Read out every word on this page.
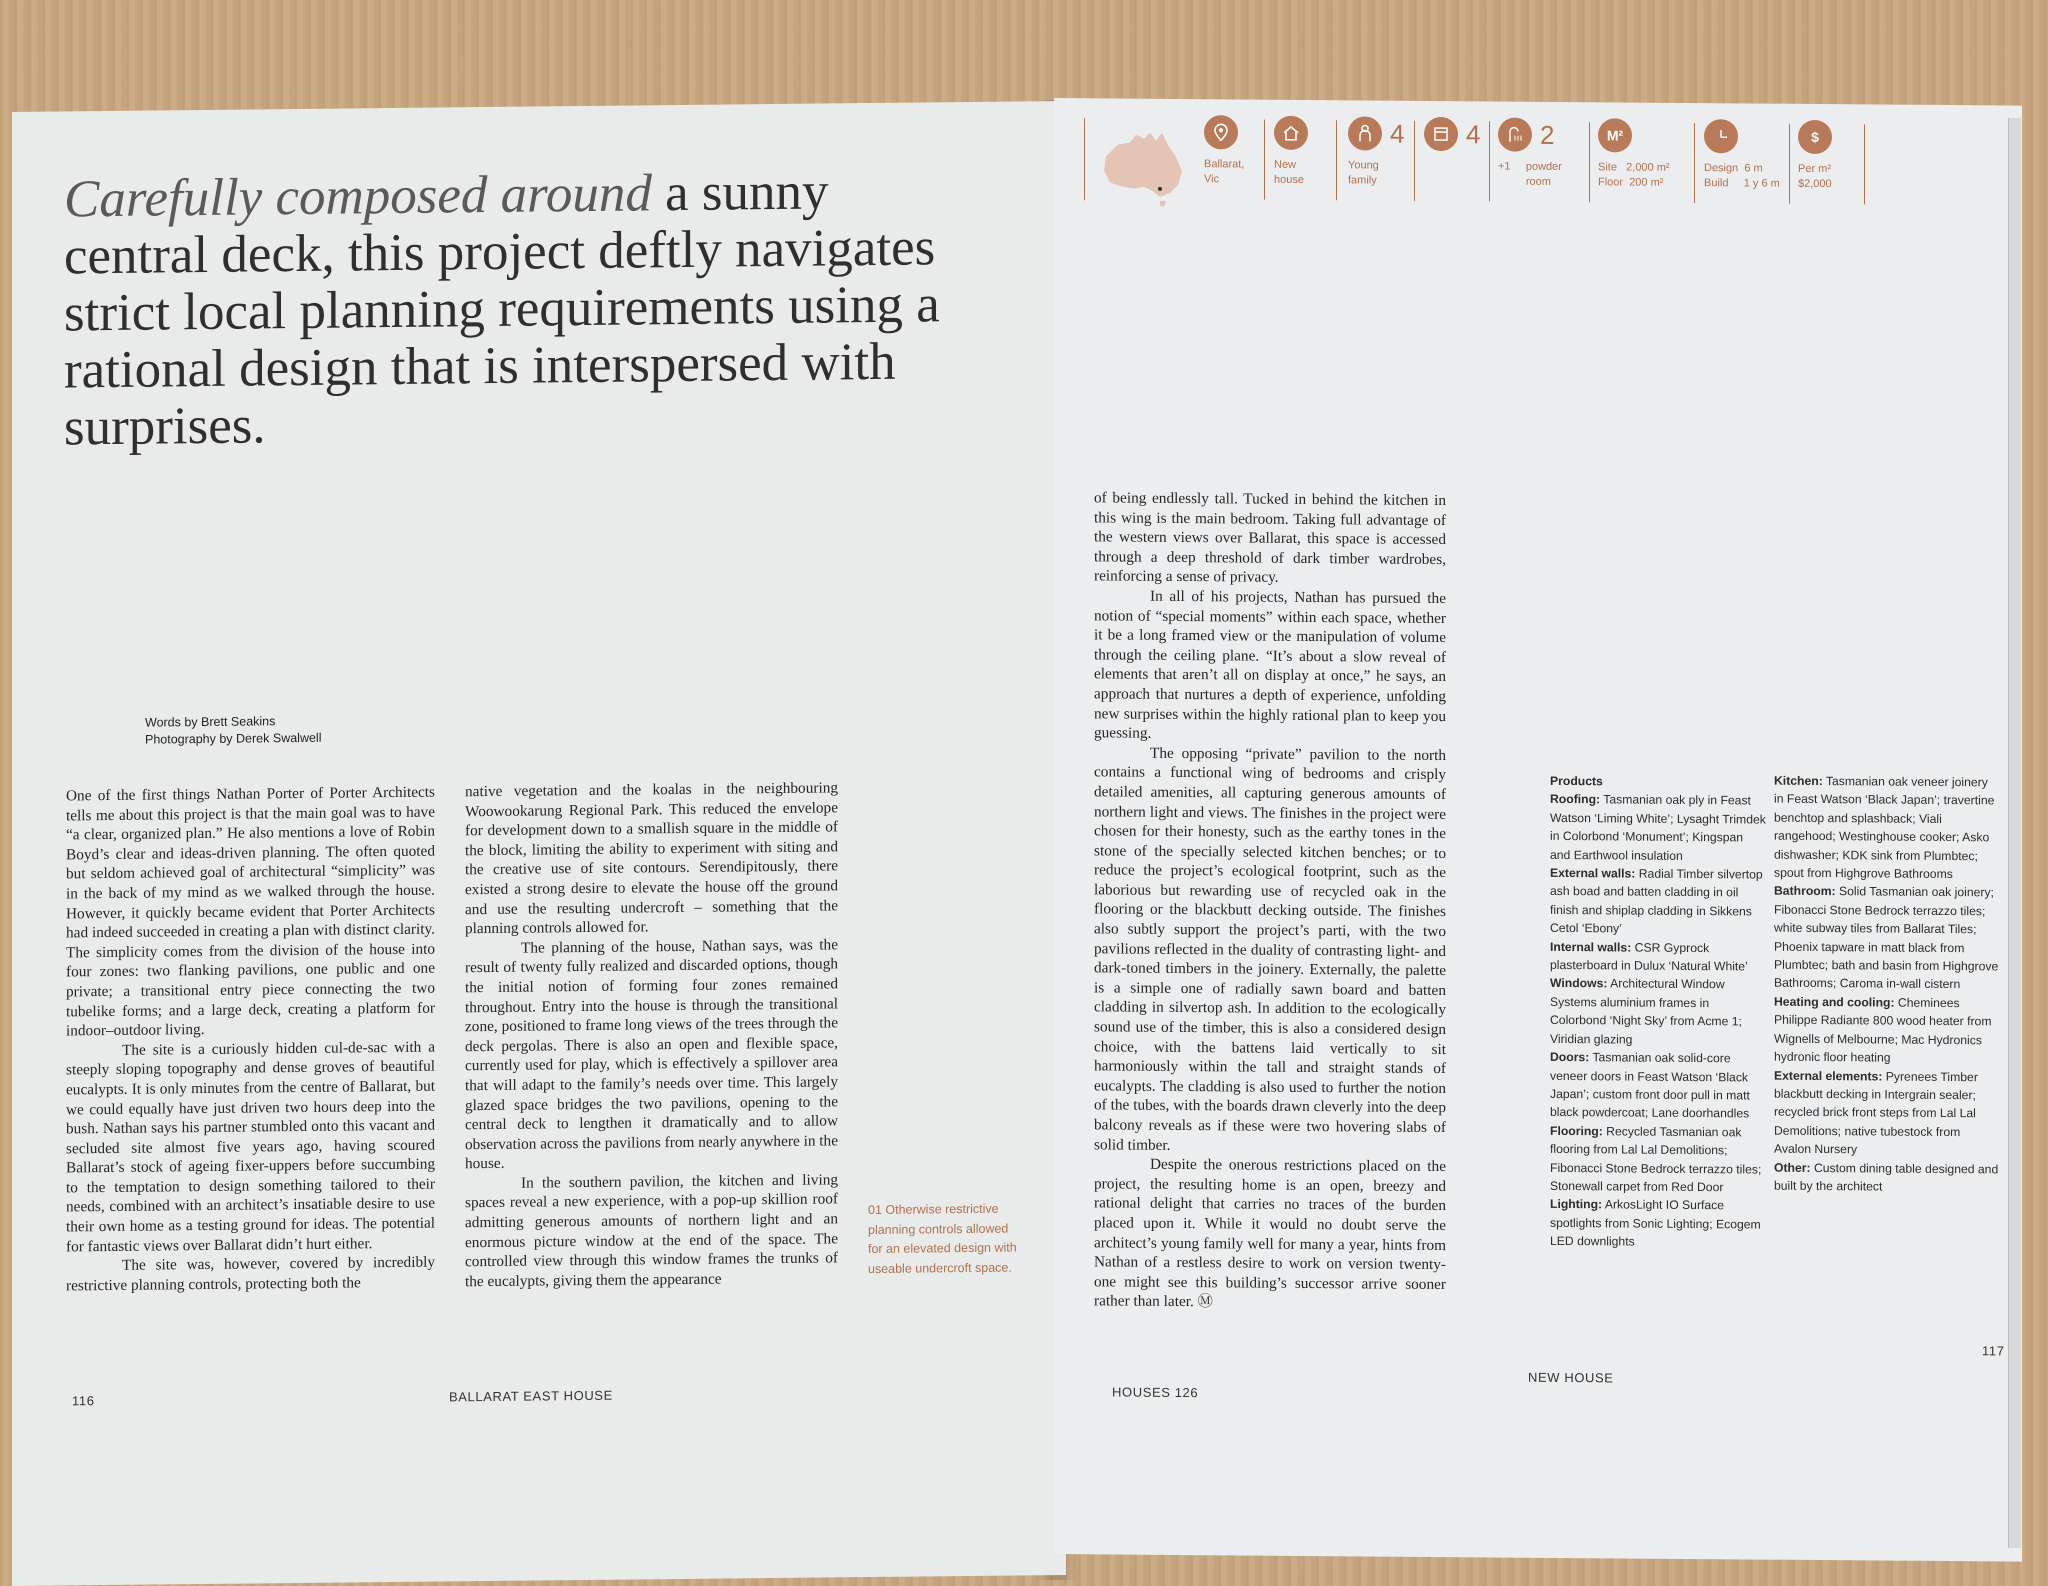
Carefully composed around a sunny central deck, this project deftly navigates strict local planning requirements using a rational design that is interspersed with surprises.
Words by Brett Seakins
Photography by Derek Swalwell

One of the first things Nathan Porter of Porter Architects tells me about this project is that the main goal was to have “a clear, organized plan.” He also mentions a love of Robin Boyd’s clear and ideas-driven planning. The often quoted but seldom achieved goal of architectural “simplicity” was in the back of my mind as we walked through the house. However, it quickly became evident that Porter Architects had indeed succeeded in creating a plan with distinct clarity. The simplicity comes from the division of the house into four zones: two flanking pavilions, one public and one private; a transitional entry piece connecting the two tubelike forms; and a large deck, creating a platform for indoor–outdoor living.

The site is a curiously hidden cul-de-sac with a steeply sloping topography and dense groves of beautiful eucalypts. It is only minutes from the centre of Ballarat, but we could equally have just driven two hours deep into the bush. Nathan says his partner stumbled onto this vacant and secluded site almost five years ago, having scoured Ballarat’s stock of ageing fixer-uppers before succumbing to the temptation to design something tailored to their needs, combined with an architect’s insatiable desire to use their own home as a testing ground for ideas. The potential for fantastic views over Ballarat didn’t hurt either.

The site was, however, covered by incredibly restrictive planning controls, protecting both the

native vegetation and the koalas in the neighbouring Woowookarung Regional Park. This reduced the envelope for development down to a smallish square in the middle of the block, limiting the ability to experiment with siting and the creative use of site contours. Serendipitously, there existed a strong desire to elevate the house off the ground and use the resulting undercroft – something that the planning controls allowed for.

The planning of the house, Nathan says, was the result of twenty fully realized and discarded options, though the initial notion of forming four zones remained throughout. Entry into the house is through the transitional zone, positioned to frame long views of the trees through the deck pergolas. There is also an open and flexible space, currently used for play, which is effectively a spillover area that will adapt to the family’s needs over time. This largely glazed space bridges the two pavilions, opening to the central deck to lengthen it dramatically and to allow observation across the pavilions from nearly anywhere in the house.

In the southern pavilion, the kitchen and living spaces reveal a new experience, with a pop-up skillion roof admitting generous amounts of northern light and an enormous picture window at the end of the space. The controlled view through this window frames the trunks of the eucalypts, giving them the appearance

01 Otherwise restrictive planning controls allowed for an elevated design with useable undercroft space.
116	BALLARAT EAST HOUSE
Ballarat, Vic
New house
4
Young family
4 2
+1 powder room
M²
Site 2,000 m²
Floor 200 m²
Design 6 m
Build 1 y 6 m
$
Per m²
$2,000

of being endlessly tall. Tucked in behind the kitchen in this wing is the main bedroom. Taking full advantage of the western views over Ballarat, this space is accessed through a deep threshold of dark timber wardrobes, reinforcing a sense of privacy.

In all of his projects, Nathan has pursued the notion of “special moments” within each space, whether it be a long framed view or the manipulation of volume through the ceiling plane. “It’s about a slow reveal of elements that aren’t all on display at once,” he says, an approach that nurtures a depth of experience, unfolding new surprises within the highly rational plan to keep you guessing.

The opposing “private” pavilion to the north contains a functional wing of bedrooms and crisply detailed amenities, all capturing generous amounts of northern light and views. The finishes in the project were chosen for their honesty, such as the earthy tones in the stone of the specially selected kitchen benches; or to reduce the project’s ecological footprint, such as the laborious but rewarding use of recycled oak in the flooring or the blackbutt decking outside. The finishes also subtly support the project’s parti, with the two pavilions reflected in the duality of contrasting light- and dark-toned timbers in the joinery. Externally, the palette is a simple one of radially sawn board and batten cladding in silvertop ash. In addition to the ecologically sound use of the timber, this is also a considered design choice, with the battens laid vertically to sit harmoniously within the tall and straight stands of eucalypts. The cladding is also used to further the notion of the tubes, with the boards drawn cleverly into the deep balcony reveals as if these were two hovering slabs of solid timber.

Despite the onerous restrictions placed on the project, the resulting home is an open, breezy and rational delight that carries no traces of the burden placed upon it. While it would no doubt serve the architect’s young family well for many a year, hints from Nathan of a restless desire to work on version twenty-one might see this building’s successor arrive sooner rather than later. Ⓜ

Products
Roofing: Tasmanian oak ply in Feast Watson ‘Liming White’; Lysaght Trimdek in Colorbond ‘Monument’; Kingspan and Earthwool insulation
External walls: Radial Timber silvertop ash boad and batten cladding in oil finish and shiplap cladding in Sikkens Cetol ‘Ebony’
Internal walls: CSR Gyprock plasterboard in Dulux ‘Natural White’
Windows: Architectural Window Systems aluminium frames in Colorbond ‘Night Sky’ from Acme 1; Viridian glazing
Doors: Tasmanian oak solid-core veneer doors in Feast Watson ‘Black Japan’; custom front door pull in matt black powdercoat; Lane doorhandles
Flooring: Recycled Tasmanian oak flooring from Lal Lal Demolitions; Fibonacci Stone Bedrock terrazzo tiles; Stonewall carpet from Red Door
Lighting: ArkosLight IO Surface spotlights from Sonic Lighting; Ecogem LED downlights
Kitchen: Tasmanian oak veneer joinery in Feast Watson ‘Black Japan’; travertine benchtop and splashback; Viali rangehood; Westinghouse cooker; Asko dishwasher; KDK sink from Plumbtec; spout from Highgrove Bathrooms
Bathroom: Solid Tasmanian oak joinery; Fibonacci Stone Bedrock terrazzo tiles; white subway tiles from Ballarat Tiles; Phoenix tapware in matt black from Plumbtec; bath and basin from Highgrove Bathrooms; Caroma in-wall cistern
Heating and cooling: Cheminees Philippe Radiante 800 wood heater from Wignells of Melbourne; Mac Hydronics hydronic floor heating
External elements: Pyrenees Timber blackbutt decking in Intergrain sealer; recycled brick front steps from Lal Lal Demolitions; native tubestock from Avalon Nursery
Other: Custom dining table designed and built by the architect
HOUSES 126
NEW HOUSE
117
